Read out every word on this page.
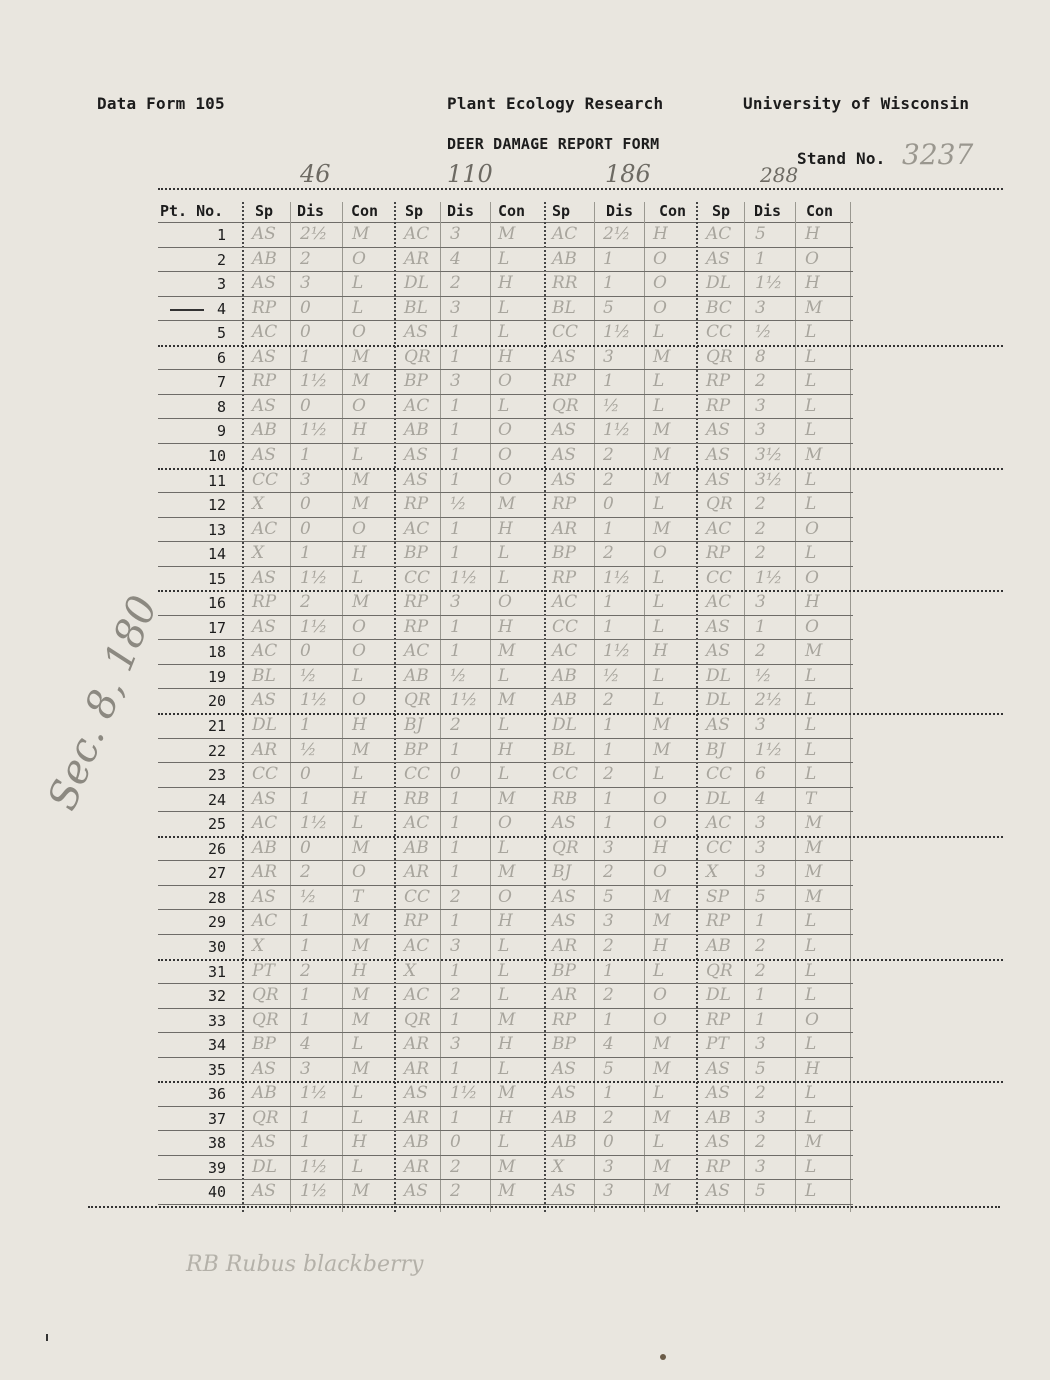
Data Form 105	Plant Ecology Research	University of Wisconsin
DEER DAMAGE REPORT FORM
Stand No. 3237
46	110	186	288
Pt. No. Sp Dis Con Sp Dis Con Sp Dis Con Sp Dis Con
1 AS 2½ M AC 3 M AC 2½ H AC 5 H
2 AB 2 O AR 4 L	AB 1 O AS 1 O
3 AS 3 L DL 2 H RR 1 O DL 1½ H
4 RP 0 L BL 3 L	BL 5 O BC 3 M
5 AC 0 O AS 1 L	CC 1½ L CC ½ L
6 AS 1 M QR 1 H AS 3 M QR 8 L
7 RP 1½ M BP 3 O RP 1 L RP 2 L
8 AS 0 O AC 1 L	QR ½ L RP 3 L
9 AB 1½ H AB 1 O AS 1½ M AS 3 L
10 AS 1 L AS 1 O AS 2 M AS 3½ M
11 CC 3 M AS 1 O AS 2 M AS 3½ L
12 X 0 M RP ½ M RP 0 L QR 2 L
13 AC 0 O AC 1 H AR 1 M AC 2 O
14 X 1 H BP 1 L	BP 2 O RP 2 L
15 AS 1½ L CC 1½ L	RP 1½ L CC 1½ O
16 RP 2 M RP 3 O AC 1 L AC 3 H
17 AS 1½ O RP 1 H CC 1 L AS 1 O
18 AC 0 O AC 1 M AC 1½ H AS 2 M
19 BL ½ L AB ½ L	AB ½ L DL ½ L
20 AS 1½ O QR 1½ M AB 2 L DL 2½ L
21 DL 1 H BJ 2 L	DL 1 M AS 3 L
22 AR ½ M BP 1 H BL 1 M BJ 1½ L
23 CC 0 L CC 0 L	CC 2 L CC 6 L
24 AS 1 H RB 1 M RB 1 O DL 4 T
25 AC 1½ L AC 1 O AS 1 O AC 3 M
26 AB 0 M AB 1 L	QR 3 H CC 3 M
27 AR 2 O AR 1 M BJ 2 O X 3 M
28 AS ½ T CC 2 O AS 5 M SP 5 M
29 AC 1 M RP 1 H AS 3 M RP 1 L
30 X 1 M AC 3 L	AR 2 H AB 2 L
31 PT 2 H X 1 L	BP 1 L QR 2 L
32 QR 1 M AC 2 L	AR 2 O DL 1 L
33 QR 1 M QR 1 M RP 1 O RP 1 O
34 BP 4 L AR 3 H BP 4 M PT 3 L
35 AS 3 M AR 1 L	AS 5 M AS 5 H
36 AB 1½ L AS 1½ M AS 1 L AS 2 L
37 QR 1 L AR 1 H AB 2 M AB 3 L
38 AS 1 H AB 0 L	AB 0 L AS 2 M
39 DL 1½ L AR 2 M X 3 M RP 3 L
40 AS 1½ M AS 2 M AS 3 M AS 5 L
Sec. 8, 180
RB Rubus blackberry
